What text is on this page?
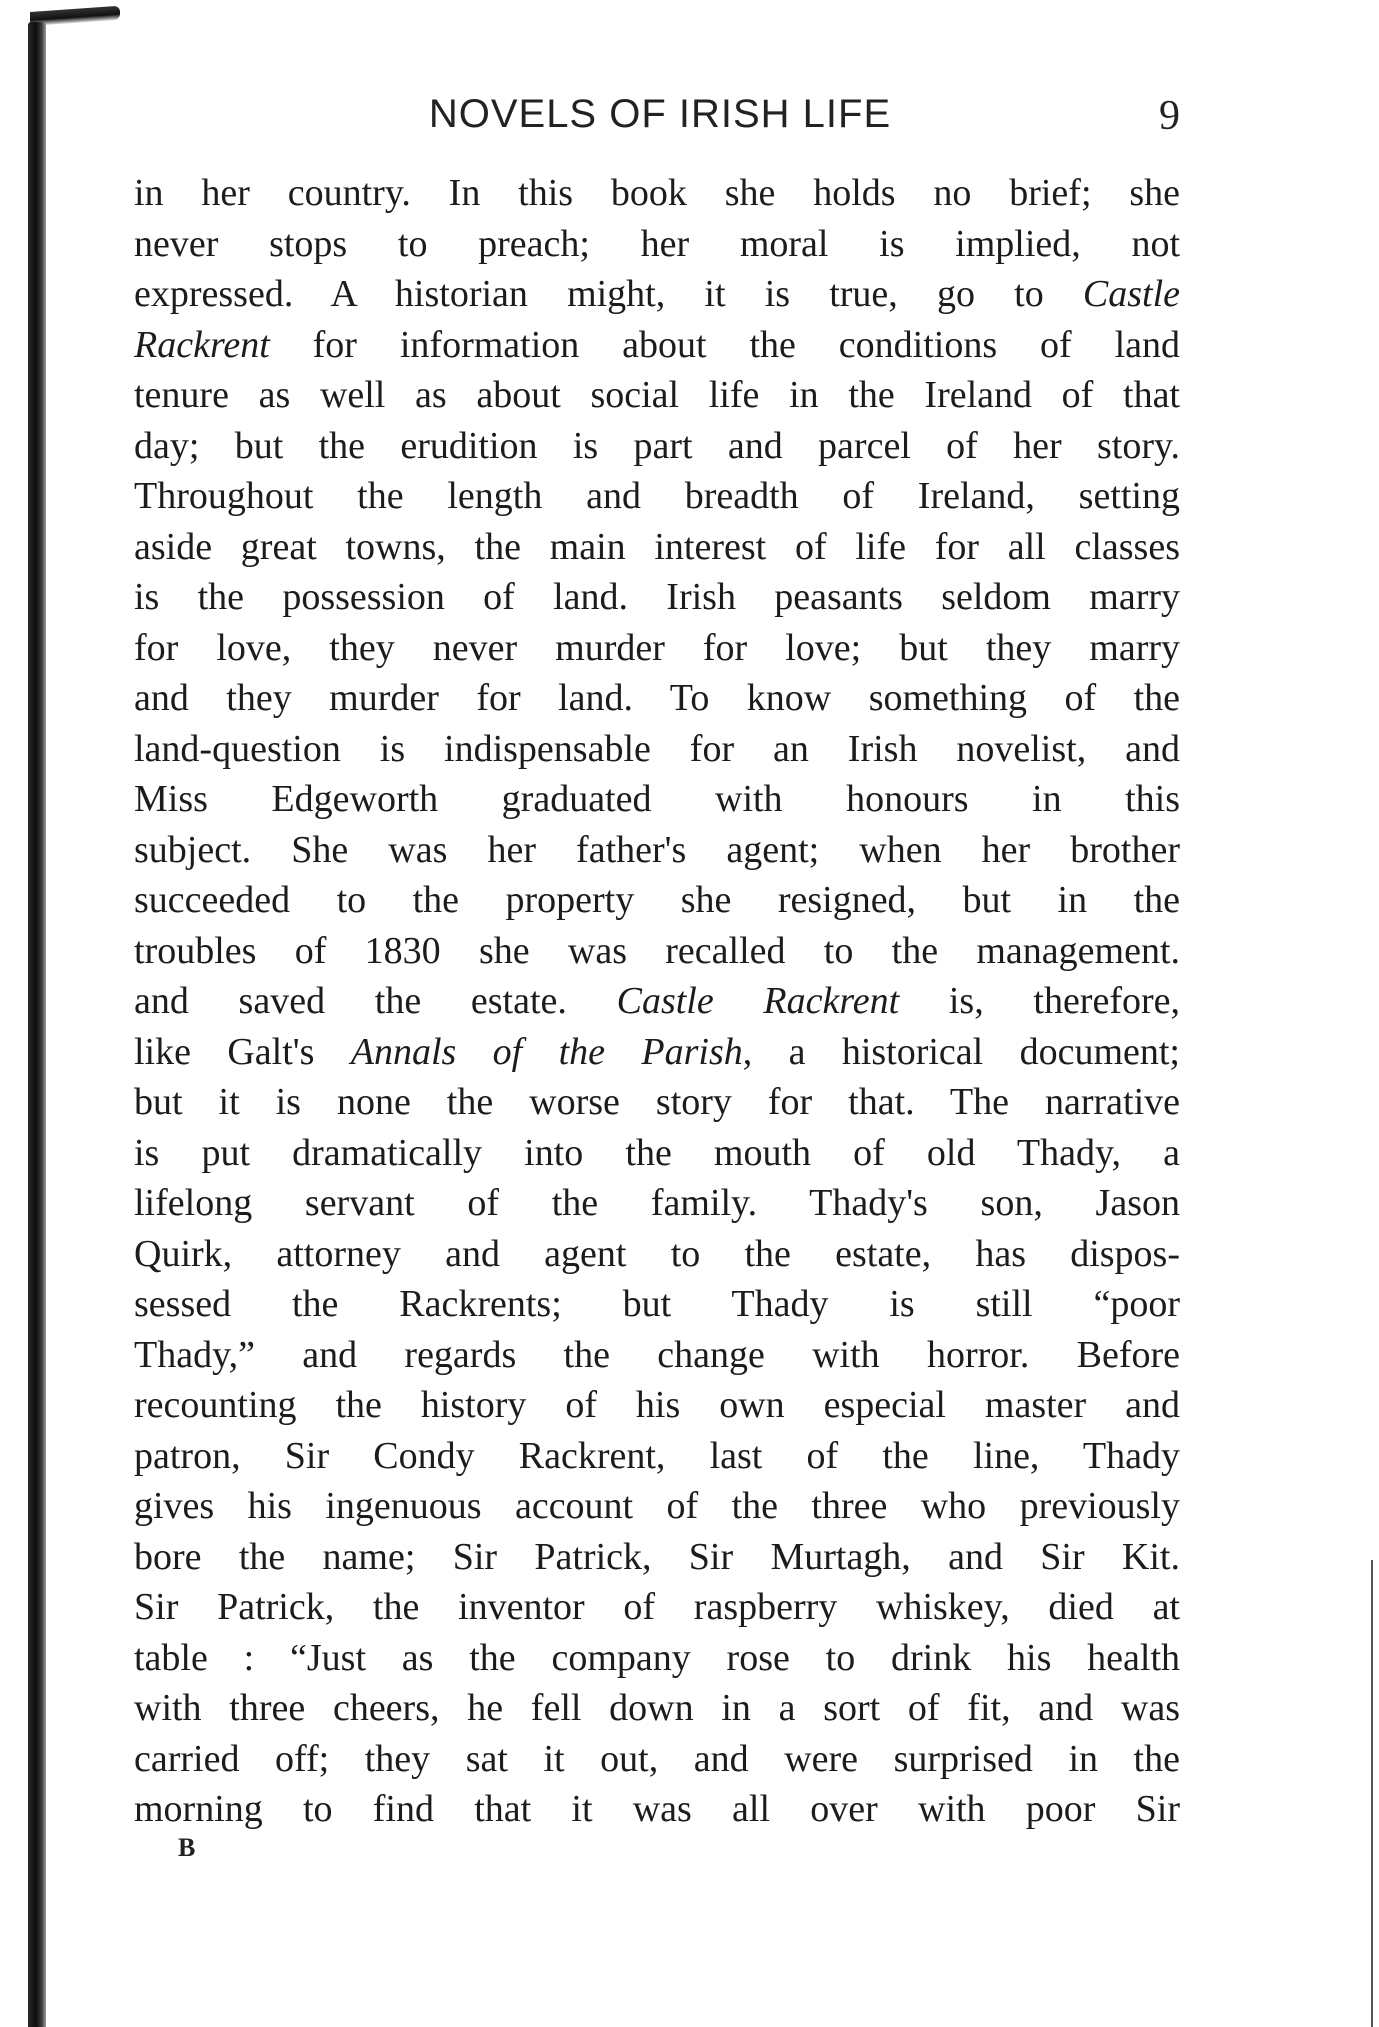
NOVELS OF IRISH LIFE	9
in her country. In this book she holds no brief; she
never stops to preach; her moral is implied, not
expressed. A historian might, it is true, go to Castle
Rackrent for information about the conditions of land
tenure as well as about social life in the Ireland of that
day; but the erudition is part and parcel of her story.
Throughout the length and breadth of Ireland, setting
aside great towns, the main interest of life for all classes
is the possession of land. Irish peasants seldom marry
for love, they never murder for love; but they marry
and they murder for land. To know something of the
land-question is indispensable for an Irish novelist, and
Miss Edgeworth graduated with honours in this
subject. She was her father's agent; when her brother
succeeded to the property she resigned, but in the
troubles of 1830 she was recalled to the management.
and saved the estate. Castle Rackrent is, therefore,
like Galt's Annals of the Parish, a historical document;
but it is none the worse story for that. The narrative
is put dramatically into the mouth of old Thady, a
lifelong servant of the family. Thady's son, Jason
Quirk, attorney and agent to the estate, has dispos-
sessed the Rackrents; but Thady is still “poor
Thady,” and regards the change with horror. Before
recounting the history of his own especial master and
patron, Sir Condy Rackrent, last of the line, Thady
gives his ingenuous account of the three who previously
bore the name; Sir Patrick, Sir Murtagh, and Sir Kit.
Sir Patrick, the inventor of raspberry whiskey, died at
table : “Just as the company rose to drink his health
with three cheers, he fell down in a sort of fit, and was
carried off; they sat it out, and were surprised in the
morning to find that it was all over with poor Sir
B
